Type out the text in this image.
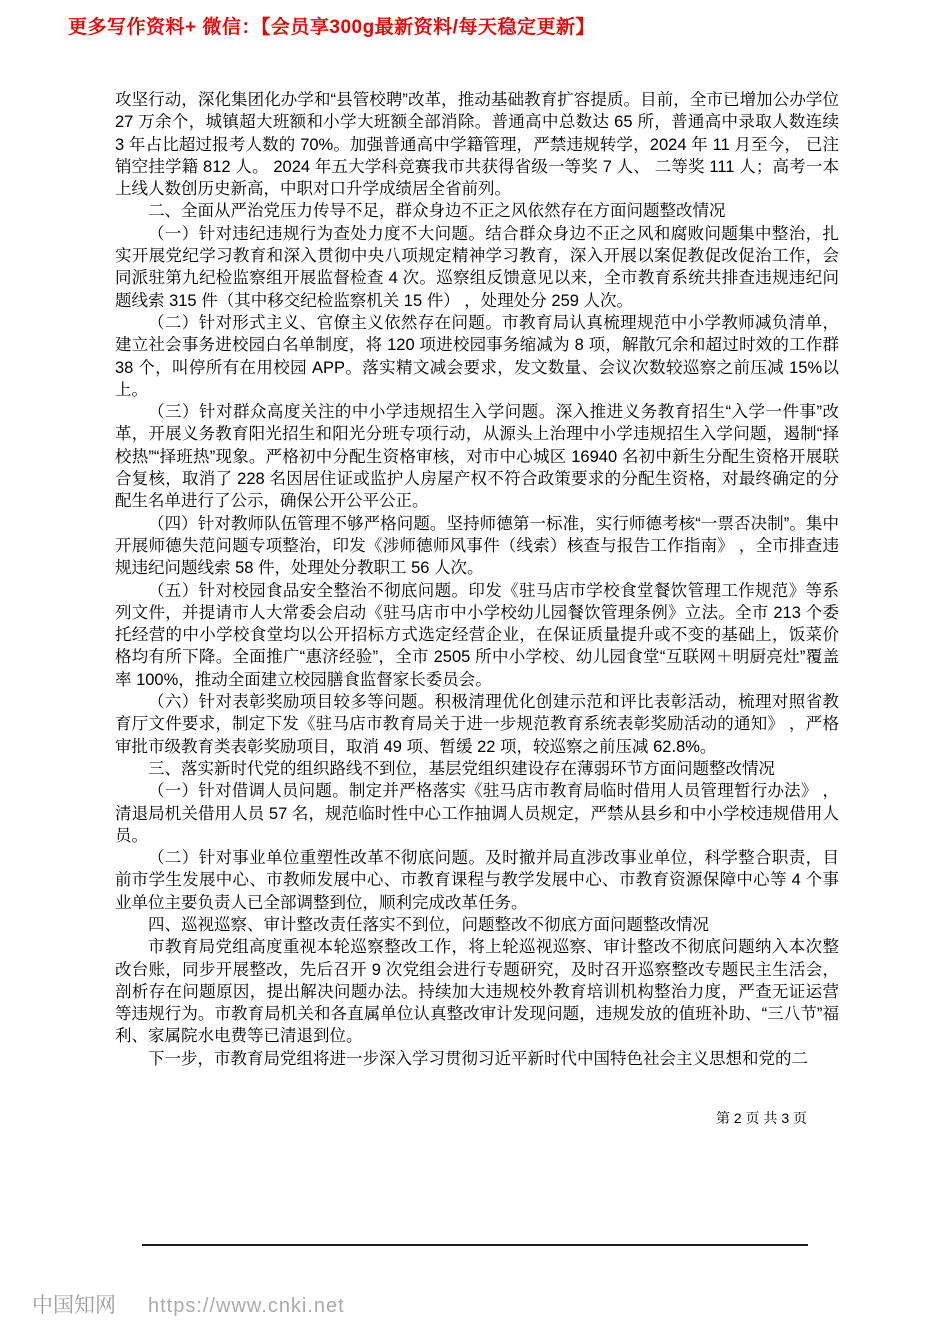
更多写作资料+ 微信：【会员享300g最新资料/每天稳定更新】

攻坚行动，深化集团化办学和“县管校聘”改革，推动基础教育扩容提质。目前，全市已增加公办学位 27 万余个，城镇超大班额和小学大班额全部消除。普通高中总数达 65 所，普通高中录取人数连续 3 年占比超过报考人数的 70%。加强普通高中学籍管理，严禁违规转学，2024 年 11 月至今， 已注销空挂学籍 812 人。 2024 年五大学科竞赛我市共获得省级一等奖 7 人、 二等奖 111 人；高考一本上线人数创历史新高，中职对口升学成绩居全省前列。

二、全面从严治党压力传导不足，群众身边不正之风依然存在方面问题整改情况

（一）针对违纪违规行为查处力度不大问题。结合群众身边不正之风和腐败问题集中整治，扎实开展党纪学习教育和深入贯彻中央八项规定精神学习教育，深入开展以案促教促改促治工作，会同派驻第九纪检监察组开展监督检查 4 次。巡察组反馈意见以来，全市教育系统共排查违规违纪问题线索 315 件（其中移交纪检监察机关 15 件） ，处理处分 259 人次。

（二）针对形式主义、官僚主义依然存在问题。市教育局认真梳理规范中小学教师减负清单，建立社会事务进校园白名单制度，将 120 项进校园事务缩减为 8 项，解散冗余和超过时效的工作群 38 个，叫停所有在用校园 APP。落实精文减会要求，发文数量、会议次数较巡察之前压减 15%以上。

（三）针对群众高度关注的中小学违规招生入学问题。深入推进义务教育招生“入学一件事”改革，开展义务教育阳光招生和阳光分班专项行动，从源头上治理中小学违规招生入学问题，遏制“择校热”“择班热”现象。严格初中分配生资格审核，对市中心城区 16940 名初中新生分配生资格开展联合复核，取消了 228 名因居住证或监护人房屋产权不符合政策要求的分配生资格，对最终确定的分配生名单进行了公示，确保公开公平公正。

（四）针对教师队伍管理不够严格问题。坚持师德第一标准，实行师德考核“一票否决制”。集中开展师德失范问题专项整治，印发《涉师德师风事件（线索）核查与报告工作指南》 ，全市排查违规违纪问题线索 58 件，处理处分教职工 56 人次。

（五）针对校园食品安全整治不彻底问题。印发《驻马店市学校食堂餐饮管理工作规范》等系列文件，并提请市人大常委会启动《驻马店市中小学校幼儿园餐饮管理条例》立法。全市 213 个委托经营的中小学校食堂均以公开招标方式选定经营企业，在保证质量提升或不变的基础上，饭菜价格均有所下降。全面推广“惠济经验”，全市 2505 所中小学校、幼儿园食堂“互联网＋明厨亮灶”覆盖率 100%，推动全面建立校园膳食监督家长委员会。

（六）针对表彰奖励项目较多等问题。积极清理优化创建示范和评比表彰活动，梳理对照省教育厅文件要求，制定下发《驻马店市教育局关于进一步规范教育系统表彰奖励活动的通知》 ，严格审批市级教育类表彰奖励项目，取消 49 项、暂缓 22 项，较巡察之前压减 62.8%。

三、落实新时代党的组织路线不到位，基层党组织建设存在薄弱环节方面问题整改情况

（一）针对借调人员问题。制定并严格落实《驻马店市教育局临时借用人员管理暂行办法》 ，清退局机关借用人员 57 名，规范临时性中心工作抽调人员规定，严禁从县乡和中小学校违规借用人员。

（二）针对事业单位重塑性改革不彻底问题。及时撤并局直涉改事业单位，科学整合职责，目前市学生发展中心、市教师发展中心、市教育课程与教学发展中心、市教育资源保障中心等 4 个事业单位主要负责人已全部调整到位，顺利完成改革任务。

四、巡视巡察、审计整改责任落实不到位，问题整改不彻底方面问题整改情况

市教育局党组高度重视本轮巡察整改工作，将上轮巡视巡察、审计整改不彻底问题纳入本次整改台账，同步开展整改，先后召开 9 次党组会进行专题研究，及时召开巡察整改专题民主生活会，剖析存在问题原因，提出解决问题办法。持续加大违规校外教育培训机构整治力度，严查无证运营等违规行为。市教育局机关和各直属单位认真整改审计发现问题，违规发放的值班补助、“三八节”福利、家属院水电费等已清退到位。

下一步，市教育局党组将进一步深入学习贯彻习近平新时代中国特色社会主义思想和党的二

第 2 页 共 3 页
中国知网 https://www.cnki.net
